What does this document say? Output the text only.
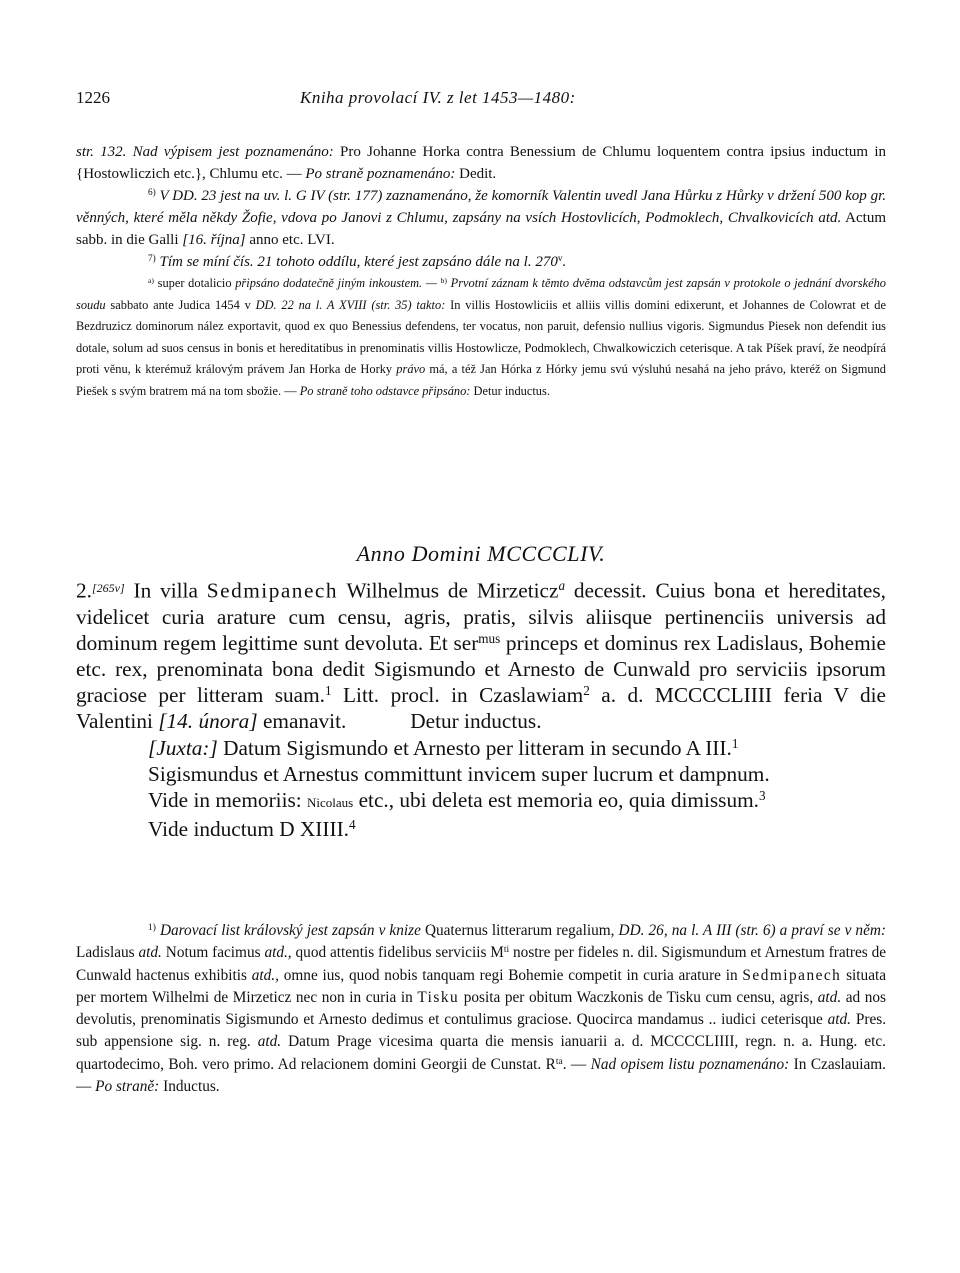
1226	Kniha provolací IV. z let 1453—1480:

str. 132. Nad výpisem jest poznamenáno: Pro Johanne Horka contra Benessium de Chlumu loquentem contra ipsius inductum in {Hostowliczich etc.}, Chlumu etc. — Po straně poznamenáno: Dedit.

$^{6)}$ V DD. 23 jest na uv. l. G IV (str. 177) zaznamenáno, že komorník Valentin uvedl Jana Hůrku z Hůrky v držení 500 kop gr. věnných, které měla někdy Žofie, vdova po Janovi z Chlumu, zapsány na vsích Hostovlicích, Podmoklech, Chvalkovicích atd. Actum sabb. in die Galli [16. října] anno etc. LVI.

$^{7)}$ Tím se míní čís. 21 tohoto oddílu, které jest zapsáno dále na l. 270$^v$.

$^{a)}$ super dotalicio připsáno dodatečně jiným inkoustem. — $^{b)}$ Prvotní záznam k těmto dvěma odstavcům jest zapsán v protokole o jednání dvorského soudu sabbato ante Judica 1454 v DD. 22 na l. A XVIII (str. 35) takto: In villis Hostowliciis et alliis villis domini edixerunt, et Johannes de Colowrat et de Bezdruzicz dominorum nález exportavit, quod ex quo Benessius defendens, ter vocatus, non paruit, defensio nullius vigoris. Sigmundus Piesek non defendit ius dotale, solum ad suos census in bonis et hereditatibus in prenominatis villis Hostowlicze, Podmoklech, Chwalkowiczich ceterisque. A tak Píšek praví, že neodpírá proti věnu, k kterémuž královým právem Jan Horka de Horky právo má, a též Jan Hórka z Hórky jemu svú výsluhú nesahá na jeho právo, kteréž on Sigmund Piešek s svým bratrem má na tom sbožie. — Po straně toho odstavce připsáno: Detur inductus.

Anno Domini MCCCCLIV.

2.[265v] In villa Sedmipanech Wilhelmus de Mirzeticz$^a$ decessit. Cuius bona et hereditates, videlicet curia arature cum censu, agris, pratis, silvis aliisque pertinenciis universis ad dominum regem legittime sunt devoluta. Et ser$^{mus}$ princeps et dominus rex Ladislaus, Bohemie etc. rex, prenominata bona dedit Sigismundo et Arnesto de Cunwald pro serviciis ipsorum graciose per litteram suam.$^1$ Litt. procl. in Czaslawiam$^2$ a. d. MCCCCLIIII feria V die Valentini [14. února] emanavit.	Detur inductus.

[Juxta:] Datum Sigismundo et Arnesto per litteram in secundo A III.$^1$

Sigismundus et Arnestus committunt invicem super lucrum et dampnum.

Vide in memoriis: Nicolaus etc., ubi deleta est memoria eo, quia dimissum.$^3$

Vide inductum D XIIII.$^4$

$^{1)}$ Darovací list královský jest zapsán v knize Quaternus litterarum regalium, DD. 26, na l. A III (str. 6) a praví se v něm: Ladislaus atd. Notum facimus atd., quod attentis fidelibus serviciis $M^{ti}$ nostre per fideles n. dil. Sigismundum et Arnestum fratres de Cunwald hactenus exhibitis atd., omne ius, quod nobis tanquam regi Bohemie competit in curia arature in Sedmipanech situata per mortem Wilhelmi de Mirzeticz nec non in curia in Tisku posita per obitum Waczkonis de Tisku cum censu, agris, atd. ad nos devolutis, prenominatis Sigismundo et Arnesto dedimus et contulimus graciose. Quocirca mandamus .. iudici ceterisque atd. Pres. sub appensione sig. n. reg. atd. Datum Prage vicesima quarta die mensis ianuarii a. d. MCCCCLIIII, regn. n. a. Hung. etc. quartodecimo, Boh. vero primo. Ad relacionem domini Georgii de Cunstat. $R^{ta}$. — Nad opisem listu poznamenáno: In Czaslauiam. — Po straně: Inductus.
